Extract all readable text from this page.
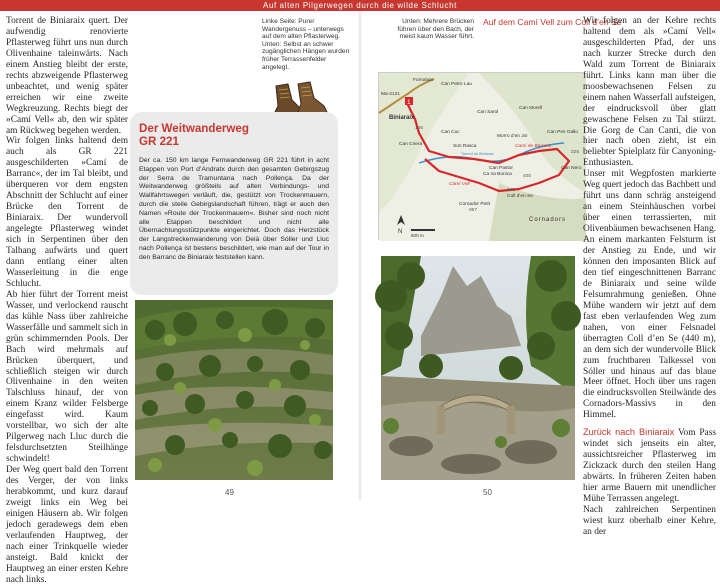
Auf alten Pilgerwegen durch die wilde Schlucht

Torrent de Biniaraix quert. Der aufwendig renovierte Pflasterweg führt uns nun durch Olivenhaine taleinwärts. Nach einem Anstieg bleibt der erste, rechts abzweigende Pflasterweg unbeachtet, und wenig später erreichen wir eine zweite Wegkreuzung. Rechts biegt der »Camí Vell« ab, den wir später am Rückweg begehen werden.

Wir folgen links haltend dem auch als GR 221 ausgeschilderten »Camí de Barranc«, der im Tal bleibt, und überqueren vor dem engsten Abschnitt der Schlucht auf einer Brücke den Torrent de Biniaraix. Der wundervoll angelegte Pflasterweg windet sich in Serpentinen über den Talhang aufwärts und quert dann entlang einer alten Wasserleitung in die enge Schlucht.

Ab hier führt der Torrent meist Wasser, und verlockend rauscht das kühle Nass über zahlreiche Wasserfälle und sammelt sich in grün schimmernden Pools. Der Bach wird mehrmals auf Brücken überquert, und schließlich steigen wir durch Olivenhaine in den weiten Talschluss hinauf, der von einem Kranz wilder Felsberge eingefasst wird. Kaum vorstellbar, wo sich der alte Pilgerweg nach Lluc durch die felsdurchsetzten Steilhänge schwindelt!

Der Weg quert bald den Torrent des Verger, der von links herabkommt, und kurz darauf zweigt links ein Weg bei einigen Häusern ab. Wir folgen jedoch geradewegs dem eben verlaufenden Hauptweg, der nach einer Trinkquelle wieder ansteigt. Bald knickt der Hauptweg an einer ersten Kehre nach links.

Linke Seite: Purer Wandergenuss – unterwegs auf dem alten Pflasterweg.
Unten: Selbst an schwer zugänglichen Hängen wurden früher Terrassenfelder angelegt.
Unten: Mehrere Brücken führen über den Bach, der meist kaum Wasser führt.
Der Weitwanderweg
GR 221
Der ca. 150 km lange Fernwanderweg GR 221 führt in acht Etappen von Port d’Andratx durch den gesamten Gebirgszug der Serra de Tramuntana nach Pollença. Da der Weitwanderweg größteils auf alten Verbindungs- und Wallfahrtswegen verläuft, die, gestützt von Trockenmauern, durch die steile Gebirgslandschaft führen, trägt er auch den Namen »Route der Trockenmauern«. Bisher sind noch nicht alle Etappen beschildert und nicht alle Übernachtungsstützpunkte eingerichtet. Doch das Herzstück der Langstreckenwanderung von Deià über Sóller und Lluc nach Pollença ist bestens beschildert, wie man auf der Tour in den Barranc de Biniaraix feststellen kann.
Auf dem Camí Vell zum Coll d’en Se
1
Fornalutx
Can Petro Lau
Ma-2121
Biniaraix
Can Sarol
Can Morell
Can Cuc
Can Cirera
Morro d’en Joi
Can Pes Gallo
Son Rasca
Ca na Bonica
Can Pastor	Can Nero
Camí de Barranc
Camí Vell
Coll d’en Se
Cornador Petit
Cornadors
Torrent de Biniaraix
145
325
400
440
957
N
500 m

Wir folgen an der Kehre rechts haltend dem als »Camí Vell« ausgeschilderten Pfad, der uns nach kurzer Strecke durch den Wald zum Torrent de Biniaraix führt. Links kann man über die moosbewachsenen Felsen zu einem nahen Wasserfall aufsteigen, der eindrucksvoll über glatt gewaschene Felsen zu Tal stürzt. Die Gorg de Can Canti, die von hier nach oben zieht, ist ein beliebter Spielplatz für Canyoning-Enthusiasten.

Unser mit Wegpfosten markierte Weg quert jedoch das Bachbett und führt uns dann schräg ansteigend an einem Steinhäuschen vorbei über einen terrassierten, mit Olivenbäumen bewachsenen Hang. An einem markanten Felsturm ist der Anstieg zu Ende, und wir können den imposanten Blick auf den tief eingeschnittenen Barranc de Biniaraix und seine wilde Felsumrahmung genießen. Ohne Mühe wandern wir jetzt auf dem fast eben verlaufenden Weg zum nahen, von einer Felsnadel überragten Coll d’en Se (440 m), an dem sich der wundervolle Blick zum fruchtbaren Talkessel von Sóller und hinaus auf das blaue Meer öffnet. Hoch über uns ragen die eindrucksvollen Steilwände des Cornadors-Massivs in den Himmel.

Zurück nach Biniaraix Vom Pass windet sich jenseits ein alter, aussichtsreicher Pflasterweg im Zickzack durch den steilen Hang abwärts. In früheren Zeiten haben hier arme Bauern mit unendlicher Mühe Terrassen angelegt.

Nach zahlreichen Serpentinen wiest kurz oberhalb einer Kehre, an der

49	50
